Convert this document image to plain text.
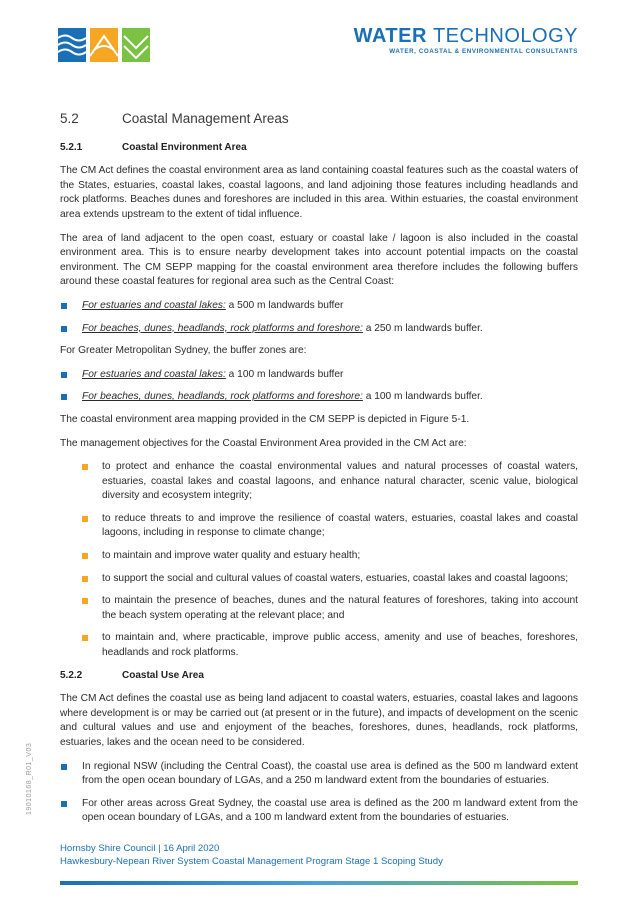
WATER TECHNOLOGY
WATER, COASTAL & ENVIRONMENTAL CONSULTANTS
5.2	Coastal Management Areas
5.2.1	Coastal Environment Area

The CM Act defines the coastal environment area as land containing coastal features such as the coastal waters of the States, estuaries, coastal lakes, coastal lagoons, and land adjoining those features including headlands and rock platforms. Beaches dunes and foreshores are included in this area. Within estuaries, the coastal environment area extends upstream to the extent of tidal influence.

The area of land adjacent to the open coast, estuary or coastal lake / lagoon is also included in the coastal environment area. This is to ensure nearby development takes into account potential impacts on the coastal environment. The CM SEPP mapping for the coastal environment area therefore includes the following buffers around these coastal features for regional area such as the Central Coast:

For estuaries and coastal lakes: a 500 m landwards buffer
For beaches, dunes, headlands, rock platforms and foreshore: a 250 m landwards buffer.

For Greater Metropolitan Sydney, the buffer zones are:

For estuaries and coastal lakes: a 100 m landwards buffer
For beaches, dunes, headlands, rock platforms and foreshore: a 100 m landwards buffer.

The coastal environment area mapping provided in the CM SEPP is depicted in Figure 5-1.

The management objectives for the Coastal Environment Area provided in the CM Act are:

to protect and enhance the coastal environmental values and natural processes of coastal waters, estuaries, coastal lakes and coastal lagoons, and enhance natural character, scenic value, biological diversity and ecosystem integrity;
to reduce threats to and improve the resilience of coastal waters, estuaries, coastal lakes and coastal lagoons, including in response to climate change;
to maintain and improve water quality and estuary health;
to support the social and cultural values of coastal waters, estuaries, coastal lakes and coastal lagoons;
to maintain the presence of beaches, dunes and the natural features of foreshores, taking into account the beach system operating at the relevant place; and
to maintain and, where practicable, improve public access, amenity and use of beaches, foreshores, headlands and rock platforms.
5.2.2	Coastal Use Area

The CM Act defines the coastal use as being land adjacent to coastal waters, estuaries, coastal lakes and lagoons where development is or may be carried out (at present or in the future), and impacts of development on the scenic and cultural values and use and enjoyment of the beaches, foreshores, dunes, headlands, rock platforms, estuaries, lakes and the ocean need to be considered.

In regional NSW (including the Central Coast), the coastal use area is defined as the 500 m landward extent from the open ocean boundary of LGAs, and a 250 m landward extent from the boundaries of estuaries.
For other areas across Great Sydney, the coastal use area is defined as the 200 m landward extent from the open ocean boundary of LGAs, and a 100 m landward extent from the boundaries of estuaries.
19010168_R01_V03
Hornsby Shire Council | 16 April 2020
Hawkesbury-Nepean River System Coastal Management Program Stage 1 Scoping Study
